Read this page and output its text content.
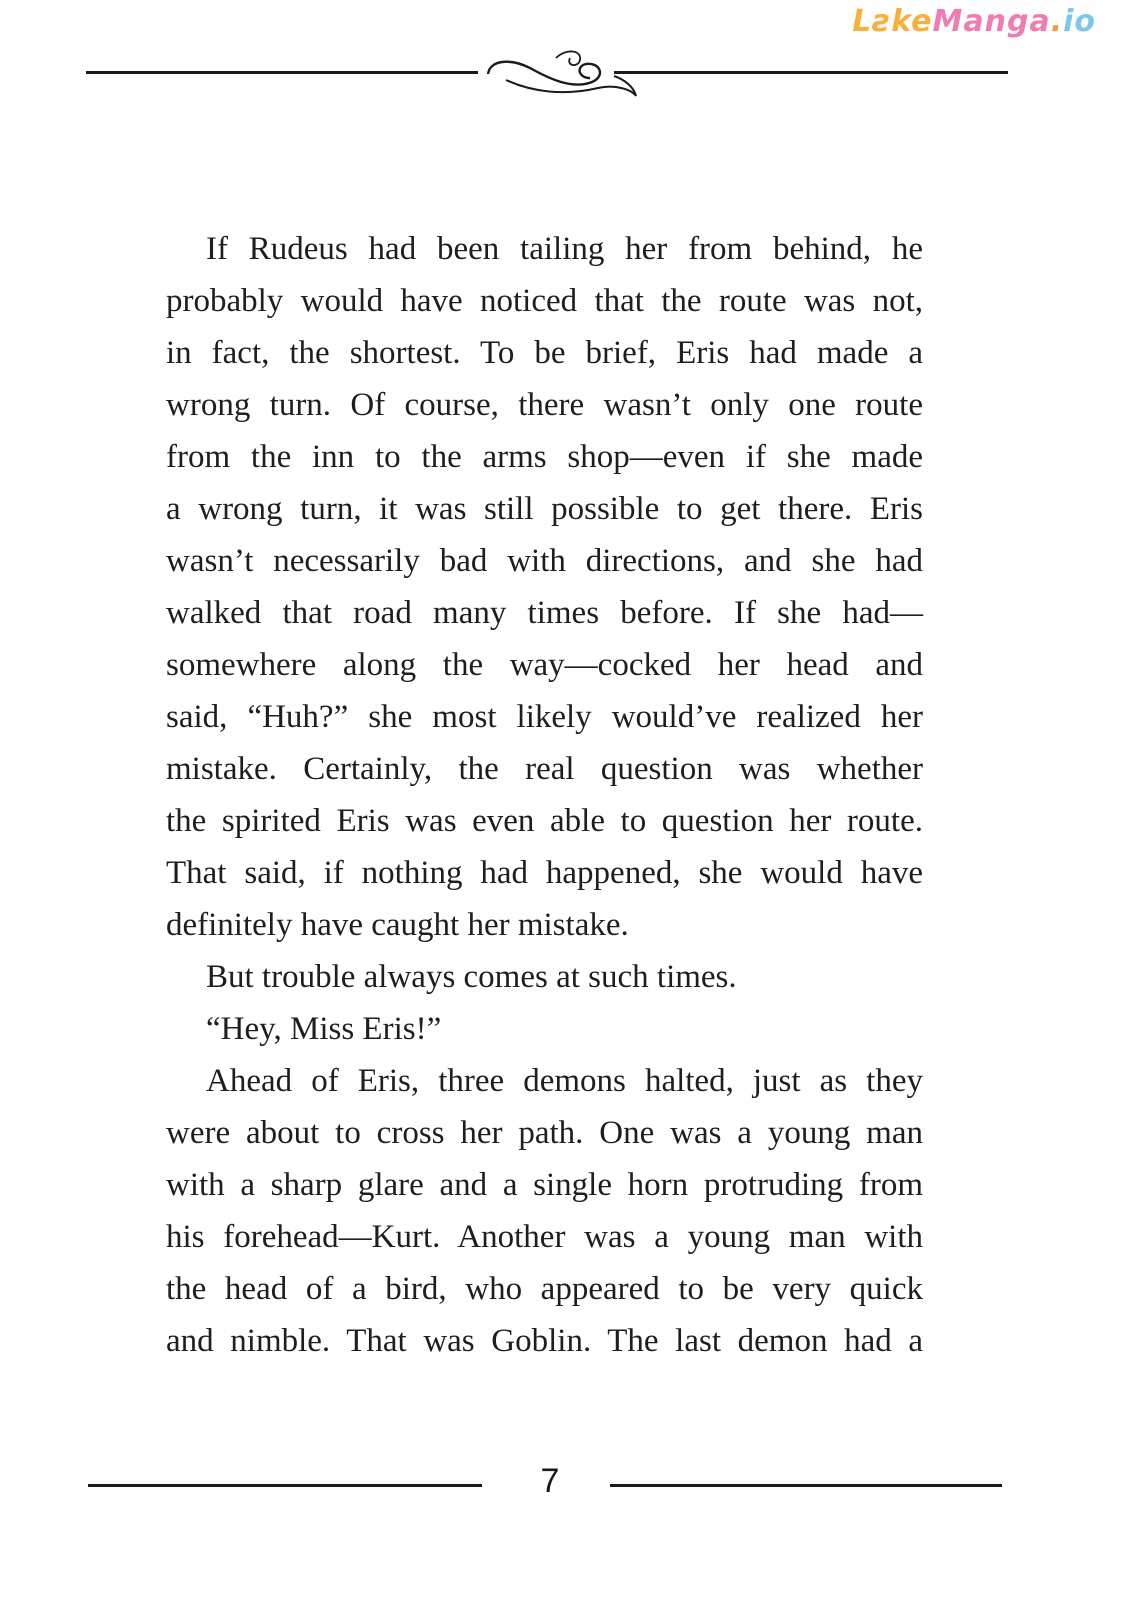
LƨkeManga.io
If Rudeus had been tailing her from behind, he
probably would have noticed that the route was not,
in fact, the shortest. To be brief, Eris had made a
wrong turn. Of course, there wasn’t only one route
from the inn to the arms shop—even if she made
a wrong turn, it was still possible to get there. Eris
wasn’t necessarily bad with directions, and she had
walked that road many times before. If she had—
somewhere along the way—cocked her head and
said, “Huh?” she most likely would’ve realized her
mistake. Certainly, the real question was whether
the spirited Eris was even able to question her route.
That said, if nothing had happened, she would have
definitely have caught her mistake.
But trouble always comes at such times.
“Hey, Miss Eris!”
Ahead of Eris, three demons halted, just as they
were about to cross her path. One was a young man
with a sharp glare and a single horn protruding from
his forehead—Kurt. Another was a young man with
the head of a bird, who appeared to be very quick
and nimble. That was Goblin. The last demon had a
7
